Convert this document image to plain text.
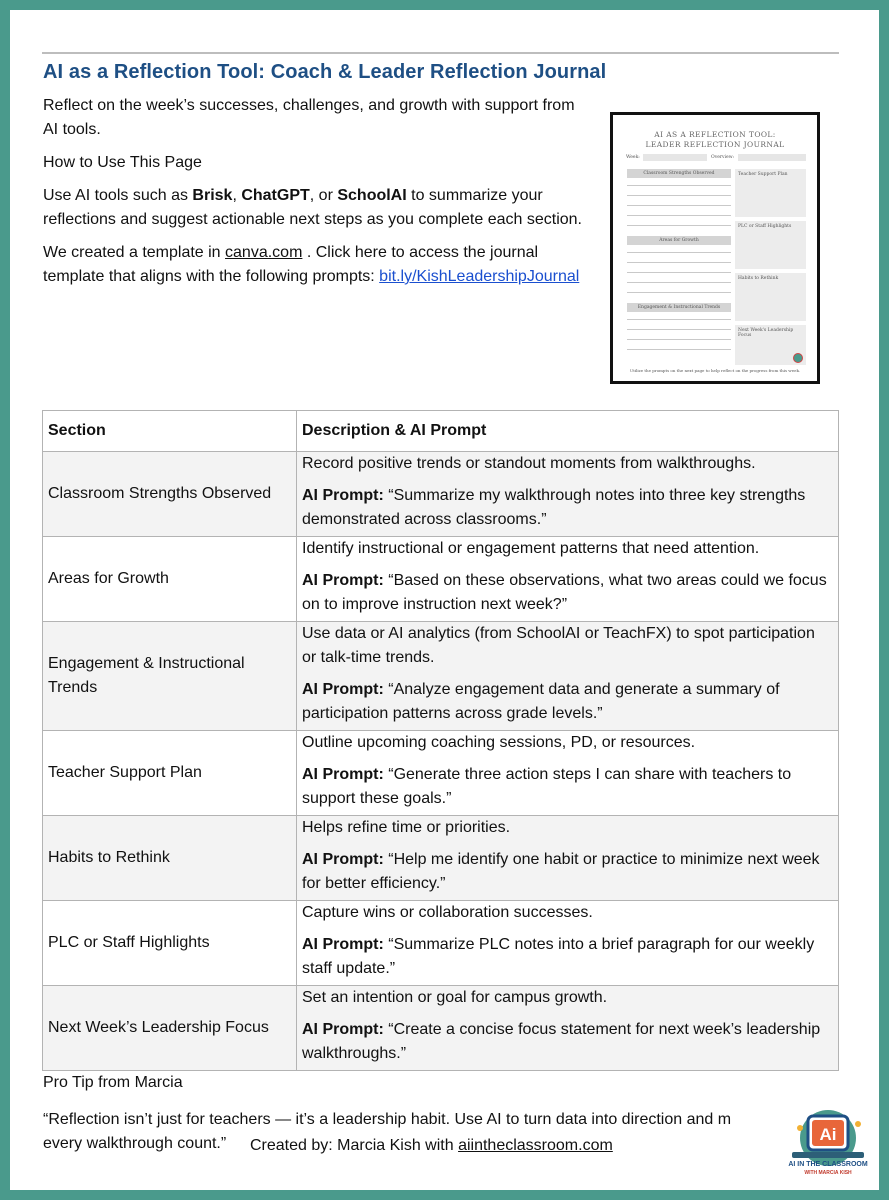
AI as a Reflection Tool: Coach & Leader Reflection Journal

Reflect on the week’s successes, challenges, and growth with support from AI tools.

How to Use This Page

Use AI tools such as Brisk, ChatGPT, or SchoolAI to summarize your reflections and suggest actionable next steps as you complete each section.

We created a template in canva.com . Click here to access the journal template that aligns with the following prompts: bit.ly/KishLeadershipJournal

AI AS A REFLECTION TOOL:
LEADER REFLECTION JOURNAL
Week:	Overview:
Classroom Strengths Observed
Areas for Growth
Engagement & Instructional Trends
Teacher Support Plan
PLC or Staff Highlights
Habits to Rethink
Next Week's Leadership Focus
Utilize the prompts on the next page to help reflect on the progress from this week.
Section	Description & AI Prompt
Classroom Strengths Observed	Record positive trends or standout moments from walkthroughs.

AI Prompt: “Summarize my walkthrough notes into three key strengths demonstrated across classrooms.”

Areas for Growth	Identify instructional or engagement patterns that need attention.

AI Prompt: “Based on these observations, what two areas could we focus on to improve instruction next week?”

Engagement & Instructional Trends	Use data or AI analytics (from SchoolAI or TeachFX) to spot participation or talk-time trends.

AI Prompt: “Analyze engagement data and generate a summary of participation patterns across grade levels.”

Teacher Support Plan	Outline upcoming coaching sessions, PD, or resources.

AI Prompt: “Generate three action steps I can share with teachers to support these goals.”

Habits to Rethink	Helps refine time or priorities.

AI Prompt: “Help me identify one habit or practice to minimize next week for better efficiency.”

PLC or Staff Highlights	Capture wins or collaboration successes.

AI Prompt: “Summarize PLC notes into a brief paragraph for our weekly staff update.”

Next Week’s Leadership Focus	Set an intention or goal for campus growth.

AI Prompt: “Create a concise focus statement for next week’s leadership walkthroughs.”

Pro Tip from Marcia
“Reflection isn’t just for teachers — it’s a leadership habit. Use AI to turn data into direction and m
every walkthrough count.”	Created by: Marcia Kish with aiintheclassroom.com
Ai
AI IN THE CLASSROOM
WITH MARCIA KISH
